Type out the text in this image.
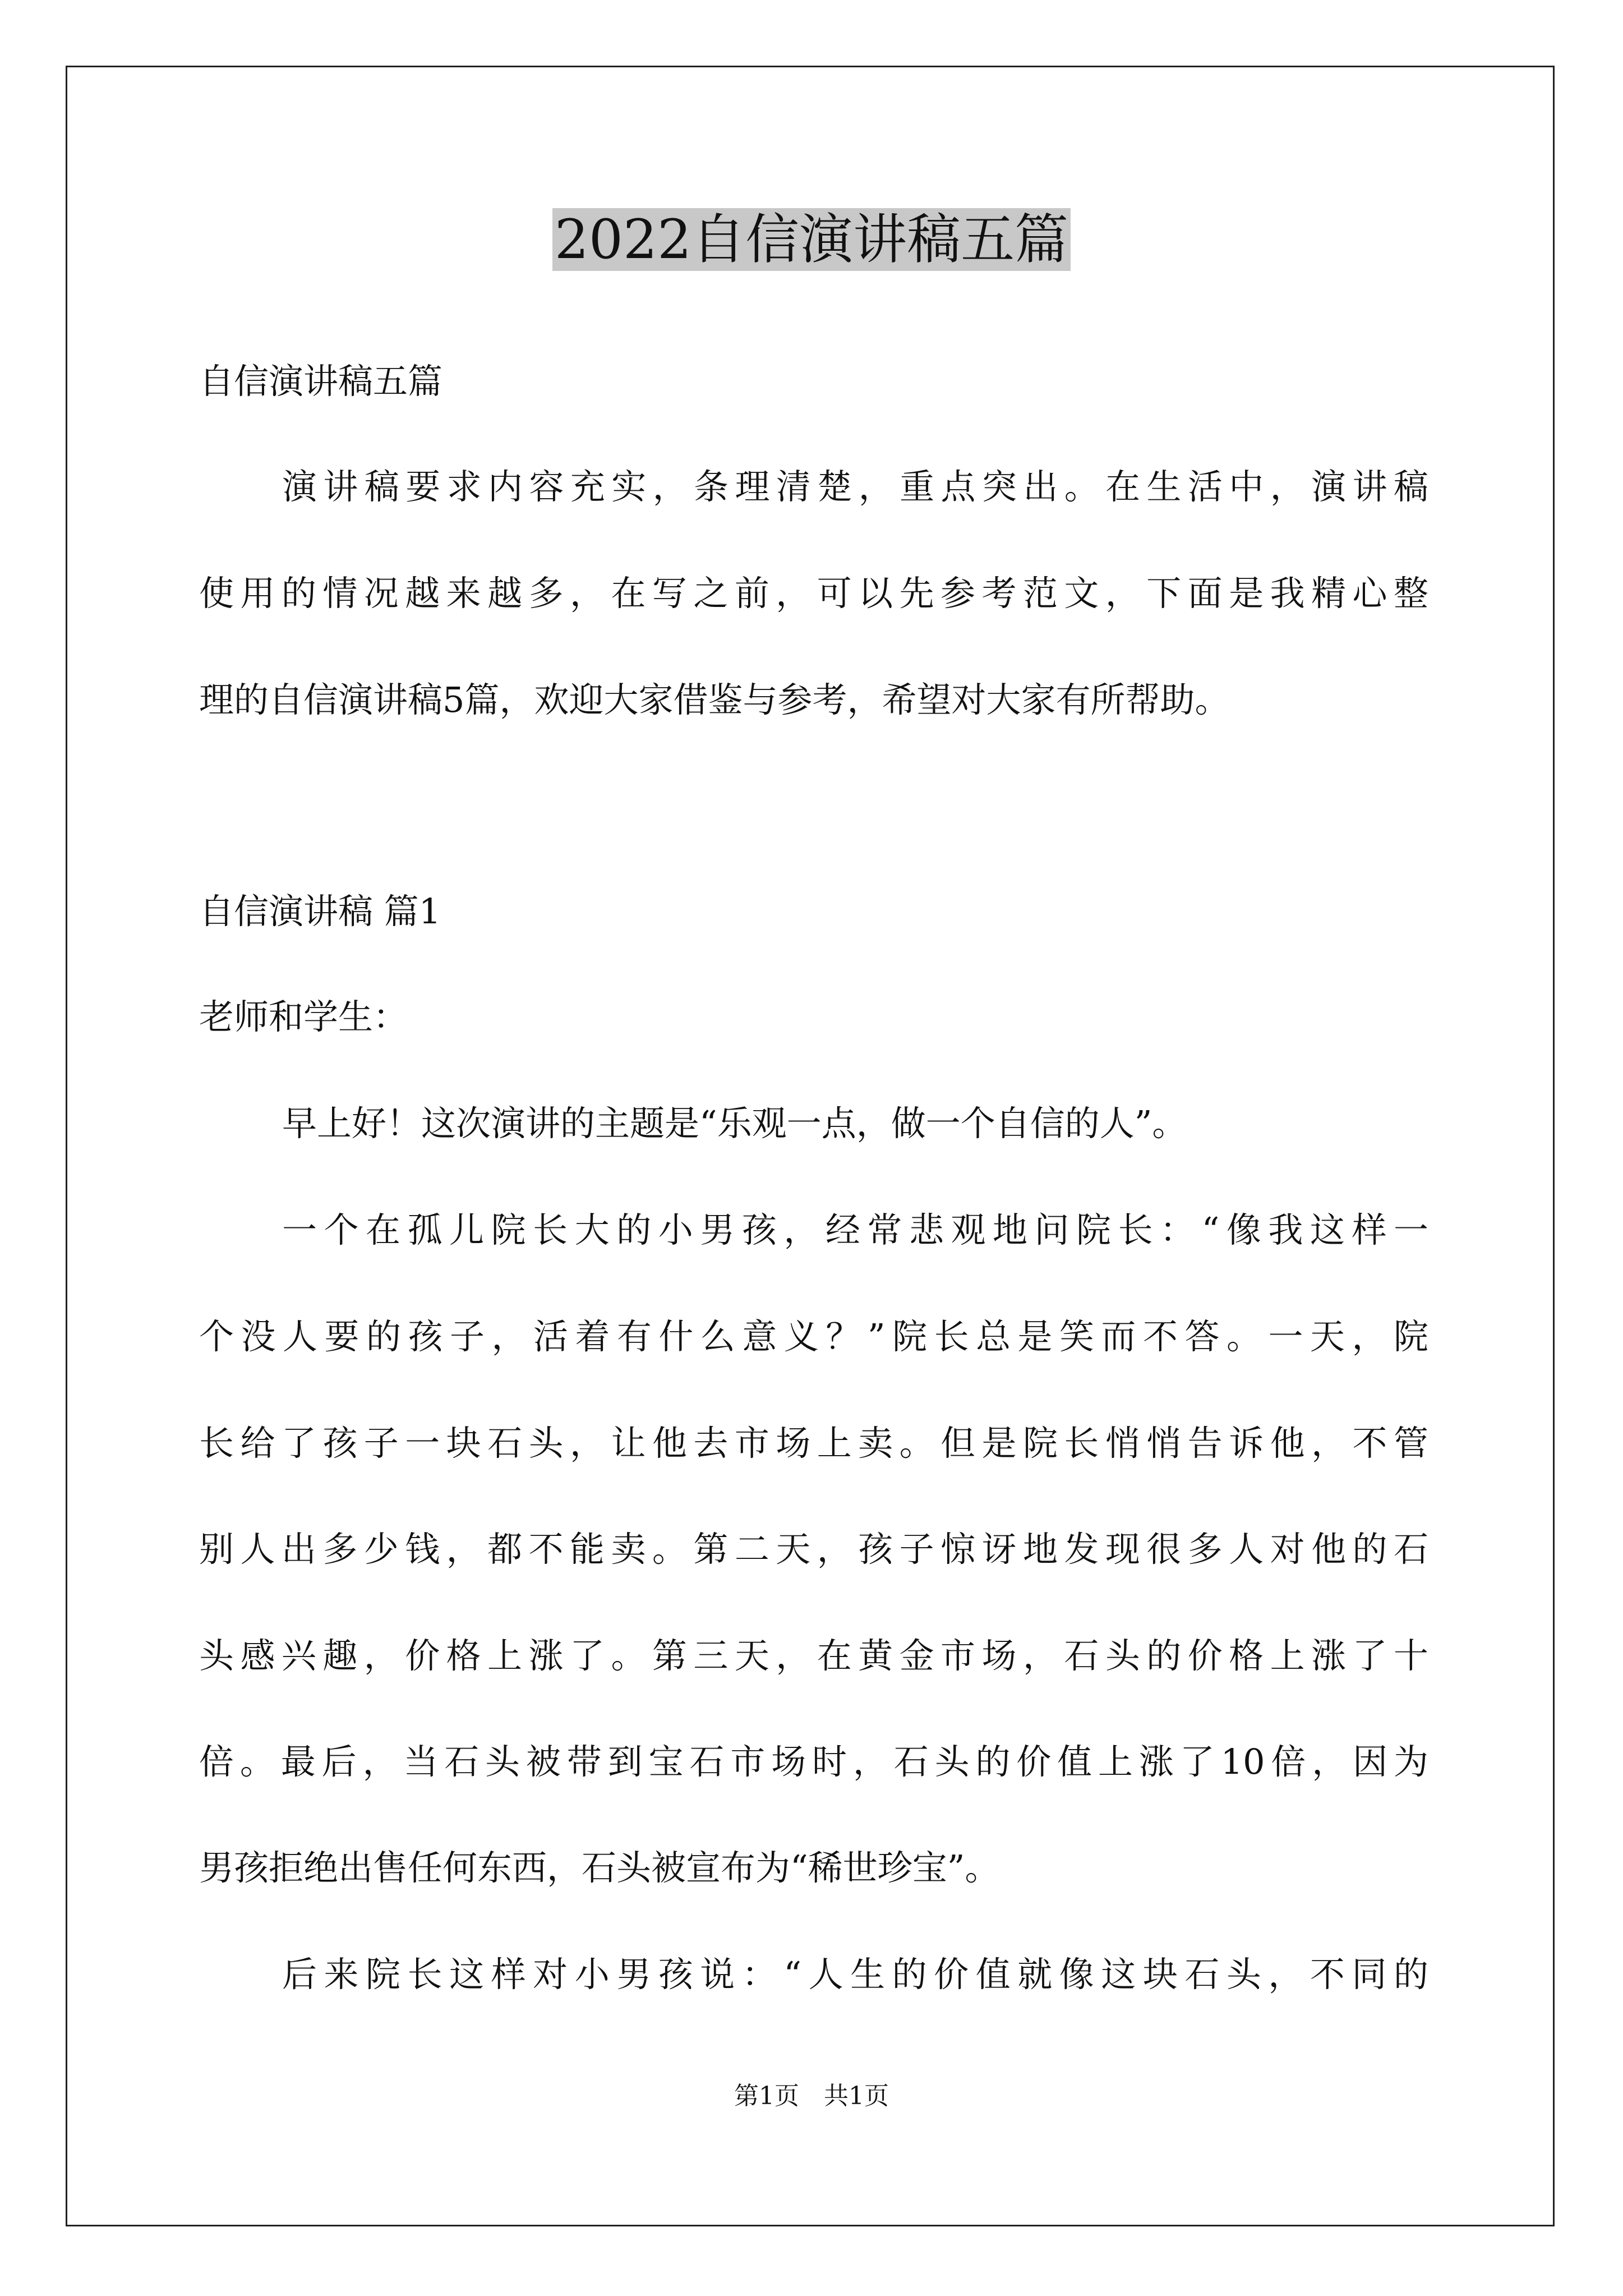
2022自信演讲稿五篇
自信演讲稿五篇
演讲稿要求内容充实，条理清楚，重点突出。在生活中，演讲稿
使用的情况越来越多，在写之前，可以先参考范文，下面是我精心整
理的自信演讲稿5篇，欢迎大家借鉴与参考，希望对大家有所帮助。
自信演讲稿 篇1
老师和学生：
早上好！这次演讲的主题是“乐观一点，做一个自信的人”。
一个在孤儿院长大的小男孩，经常悲观地问院长：“像我这样一
个没人要的孩子，活着有什么意义？”院长总是笑而不答。一天，院
长给了孩子一块石头，让他去市场上卖。但是院长悄悄告诉他，不管
别人出多少钱，都不能卖。第二天，孩子惊讶地发现很多人对他的石
头感兴趣，价格上涨了。第三天，在黄金市场，石头的价格上涨了十
倍。最后，当石头被带到宝石市场时，石头的价值上涨了10倍，因为
男孩拒绝出售任何东西，石头被宣布为“稀世珍宝”。
后来院长这样对小男孩说：“人生的价值就像这块石头，不同的
第1页　共1页
